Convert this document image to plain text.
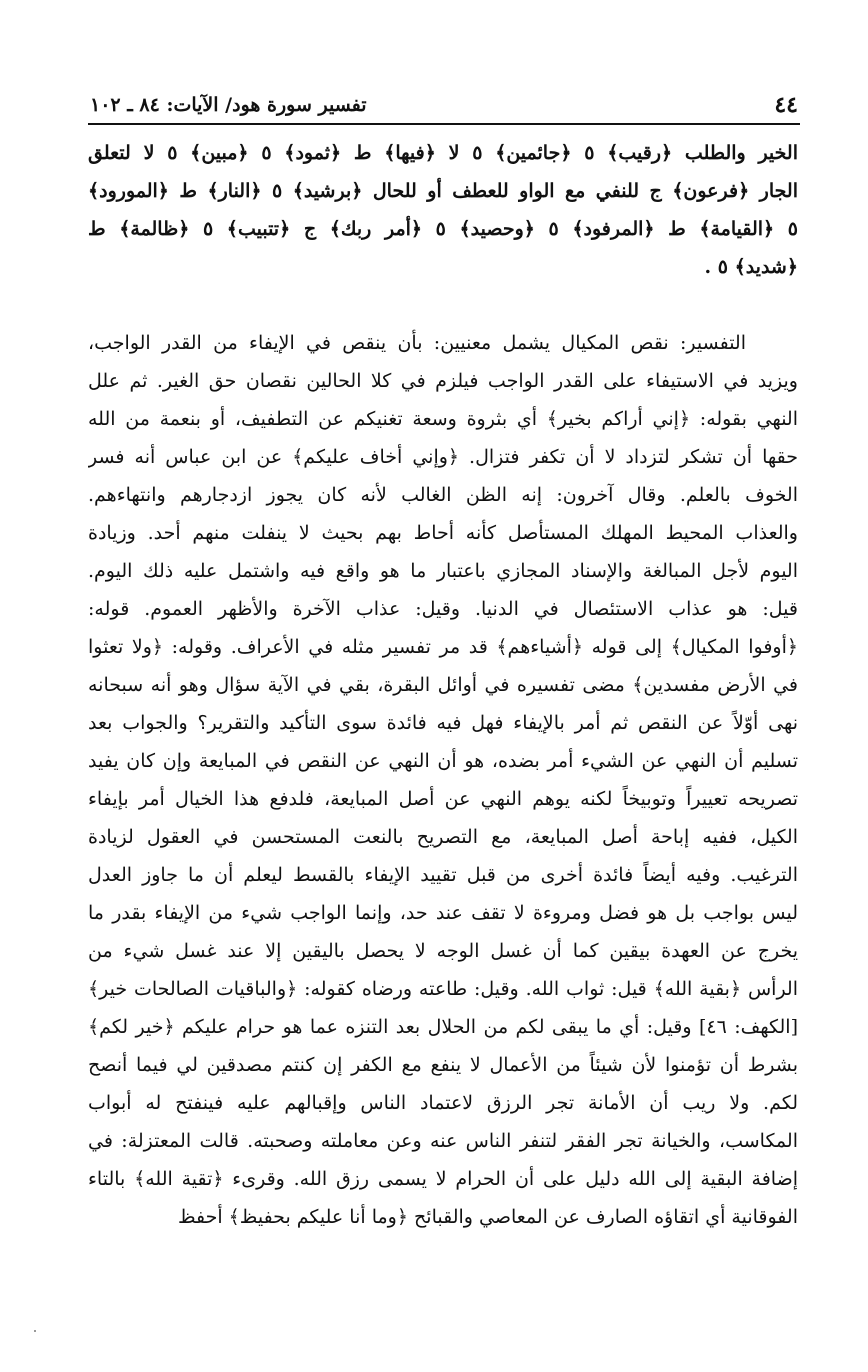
٤٤
تفسير سورة هود/ الآيات: ٨٤ ـ ١٠٢
الخير والطلب ﴿رقيب﴾ ٥ ﴿جائمين﴾ ٥ لا ﴿فيها﴾ ط ﴿ثمود﴾ ٥ ﴿مبين﴾ ٥ لا لتعلق
الجار ﴿فرعون﴾ ج للنفي مع الواو للعطف أو للحال ﴿برشيد﴾ ٥ ﴿النار﴾ ط ﴿المورود﴾
٥ ﴿القيامة﴾ ط ﴿المرفود﴾ ٥ ﴿وحصيد﴾ ٥ ﴿أمر ربك﴾ ج ﴿تتبيب﴾ ٥ ﴿ظالمة﴾ ط
﴿شديد﴾ ٥ .
التفسير: نقص المكيال يشمل معنيين: بأن ينقص في الإيفاء من القدر الواجب،
ويزيد في الاستيفاء على القدر الواجب فيلزم في كلا الحالين نقصان حق الغير. ثم علل
النهي بقوله: ﴿إني أراكم بخير﴾ أي بثروة وسعة تغنيكم عن التطفيف، أو بنعمة من الله
حقها أن تشكر لتزداد لا أن تكفر فتزال. ﴿وإني أخاف عليكم﴾ عن ابن عباس أنه فسر
الخوف بالعلم. وقال آخرون: إنه الظن الغالب لأنه كان يجوز ازدجارهم وانتهاءهم.
والعذاب المحيط المهلك المستأصل كأنه أحاط بهم بحيث لا ينفلت منهم أحد. وزيادة
اليوم لأجل المبالغة والإسناد المجازي باعتبار ما هو واقع فيه واشتمل عليه ذلك اليوم.
قيل: هو عذاب الاستئصال في الدنيا. وقيل: عذاب الآخرة والأظهر العموم. قوله:
﴿أوفوا المكيال﴾ إلى قوله ﴿أشياءهم﴾ قد مر تفسير مثله في الأعراف. وقوله: ﴿ولا تعثوا
في الأرض مفسدين﴾ مضى تفسيره في أوائل البقرة، بقي في الآية سؤال وهو أنه سبحانه
نهى أوّلاً عن النقص ثم أمر بالإيفاء فهل فيه فائدة سوى التأكيد والتقرير؟ والجواب بعد
تسليم أن النهي عن الشيء أمر بضده، هو أن النهي عن النقص في المبايعة وإن كان يفيد
تصريحه تعييراً وتوبيخاً لكنه يوهم النهي عن أصل المبايعة، فلدفع هذا الخيال أمر بإيفاء
الكيل، ففيه إباحة أصل المبايعة، مع التصريح بالنعت المستحسن في العقول لزيادة
الترغيب. وفيه أيضاً فائدة أخرى من قبل تقييد الإيفاء بالقسط ليعلم أن ما جاوز العدل
ليس بواجب بل هو فضل ومروءة لا تقف عند حد، وإنما الواجب شيء من الإيفاء بقدر ما
يخرج عن العهدة بيقين كما أن غسل الوجه لا يحصل باليقين إلا عند غسل شيء من
الرأس ﴿بقية الله﴾ قيل: ثواب الله. وقيل: طاعته ورضاه كقوله: ﴿والباقيات الصالحات خير﴾
[الكهف: ٤٦] وقيل: أي ما يبقى لكم من الحلال بعد التنزه عما هو حرام عليكم ﴿خير لكم﴾
بشرط أن تؤمنوا لأن شيئاً من الأعمال لا ينفع مع الكفر إن كنتم مصدقين لي فيما أنصح
لكم. ولا ريب أن الأمانة تجر الرزق لاعتماد الناس وإقبالهم عليه فينفتح له أبواب
المكاسب، والخيانة تجر الفقر لتنفر الناس عنه وعن معاملته وصحبته. قالت المعتزلة: في
إضافة البقية إلى الله دليل على أن الحرام لا يسمى رزق الله. وقرىء ﴿تقية الله﴾ بالتاء
الفوقانية أي اتقاؤه الصارف عن المعاصي والقبائح ﴿وما أنا عليكم بحفيظ﴾ أحفظ
